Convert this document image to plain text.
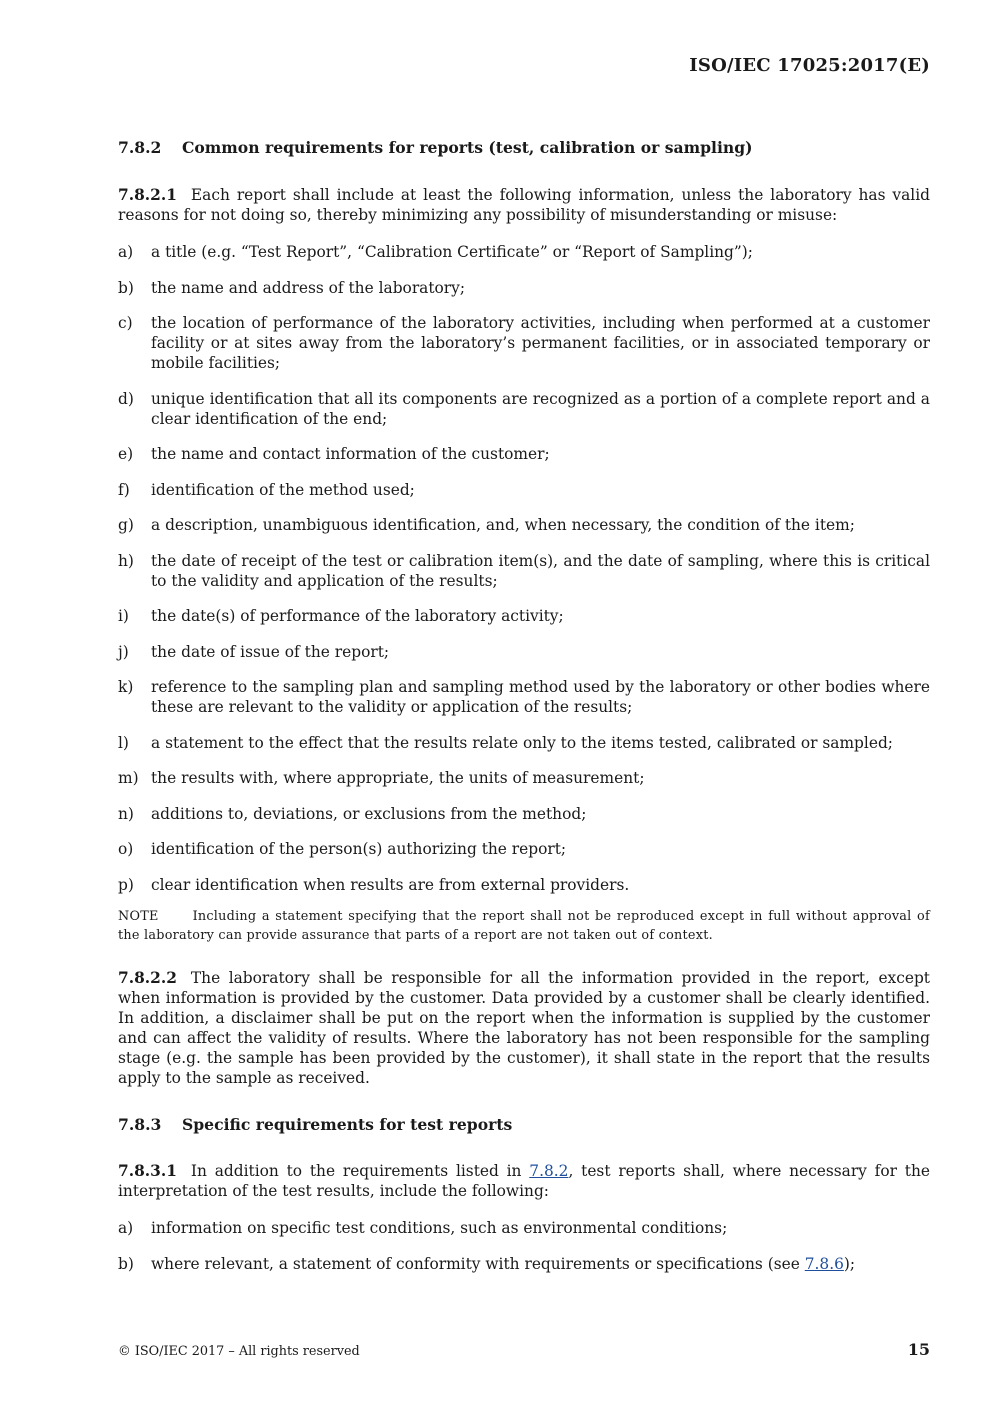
ISO/IEC 17025:2017(E)
7.8.2	Common requirements for reports (test, calibration or sampling)
7.8.2.1 Each report shall include at least the following information, unless the laboratory has valid reasons for not doing so, thereby minimizing any possibility of misunderstanding or misuse:
a)	a title (e.g. “Test Report”, “Calibration Certificate” or “Report of Sampling”);
b)	the name and address of the laboratory;
c)	the location of performance of the laboratory activities, including when performed at a customer facility or at sites away from the laboratory’s permanent facilities, or in associated temporary or mobile facilities;
d)	unique identification that all its components are recognized as a portion of a complete report and a clear identification of the end;
e)	the name and contact information of the customer;
f)	identification of the method used;
g)	a description, unambiguous identification, and, when necessary, the condition of the item;
h)	the date of receipt of the test or calibration item(s), and the date of sampling, where this is critical to the validity and application of the results;
i)	the date(s) of performance of the laboratory activity;
j)	the date of issue of the report;
k)	reference to the sampling plan and sampling method used by the laboratory or other bodies where these are relevant to the validity or application of the results;
l)	a statement to the effect that the results relate only to the items tested, calibrated or sampled;
m) the results with, where appropriate, the units of measurement;
n)	additions to, deviations, or exclusions from the method;
o)	identification of the person(s) authorizing the report;
p)	clear identification when results are from external providers.
NOTE	Including a statement specifying that the report shall not be reproduced except in full without approval of the laboratory can provide assurance that parts of a report are not taken out of context.
7.8.2.2 The laboratory shall be responsible for all the information provided in the report, except when information is provided by the customer. Data provided by a customer shall be clearly identified. In addition, a disclaimer shall be put on the report when the information is supplied by the customer and can affect the validity of results. Where the laboratory has not been responsible for the sampling stage (e.g. the sample has been provided by the customer), it shall state in the report that the results apply to the sample as received.
7.8.3	Specific requirements for test reports
7.8.3.1 In addition to the requirements listed in 7.8.2, test reports shall, where necessary for the interpretation of the test results, include the following:
a)	information on specific test conditions, such as environmental conditions;
b)	where relevant, a statement of conformity with requirements or specifications (see 7.8.6);
© ISO/IEC 2017 – All rights reserved	15
